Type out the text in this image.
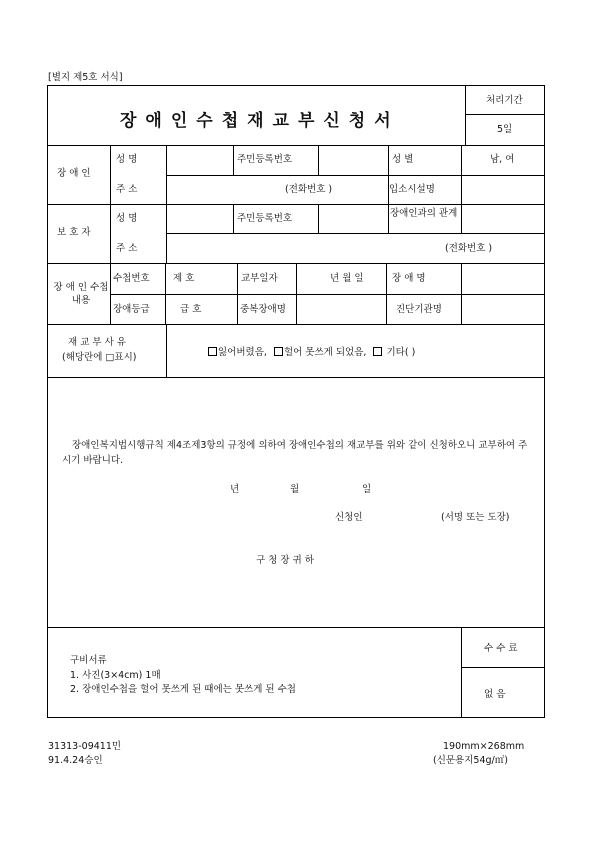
[별지 제5호 서식]
장애인수첩재교부신청서
처리기간
5일
장 애 인
성 명	주민등록번호	성 별	남, 여
주 소	(전화번호 )	입소시설명
보 호 자
성 명	주민등록번호	장애인과의 관계
주 소	(전화번호 )
장 애 인 수첩내용
수첩번호 제 호	교부일자	년 월 일	장 애 명
장애등급	급 호	중복장애명	진단기관명
재 교 부 사 유
(해당란에 □표시)	잃어버렸음, 헐어 못쓰게 되었음, 기타( )
장애인복지법시행규칙 제4조제3항의 규정에 의하여 장애인수첩의 재교부를 위와 같이 신청하오니 교부하여 주시기 바랍니다.
년	월	일
신청인	(서명 또는 도장)
구 청 장 귀 하
구비서류
1. 사진(3×4cm) 1매
2. 장애인수첩을 헐어 못쓰게 된 때에는 못쓰게 된 수첩
수 수 료
없 음
31313-09411민
91.4.24승인
190mm×268mm
(신문용지54g/㎡)
